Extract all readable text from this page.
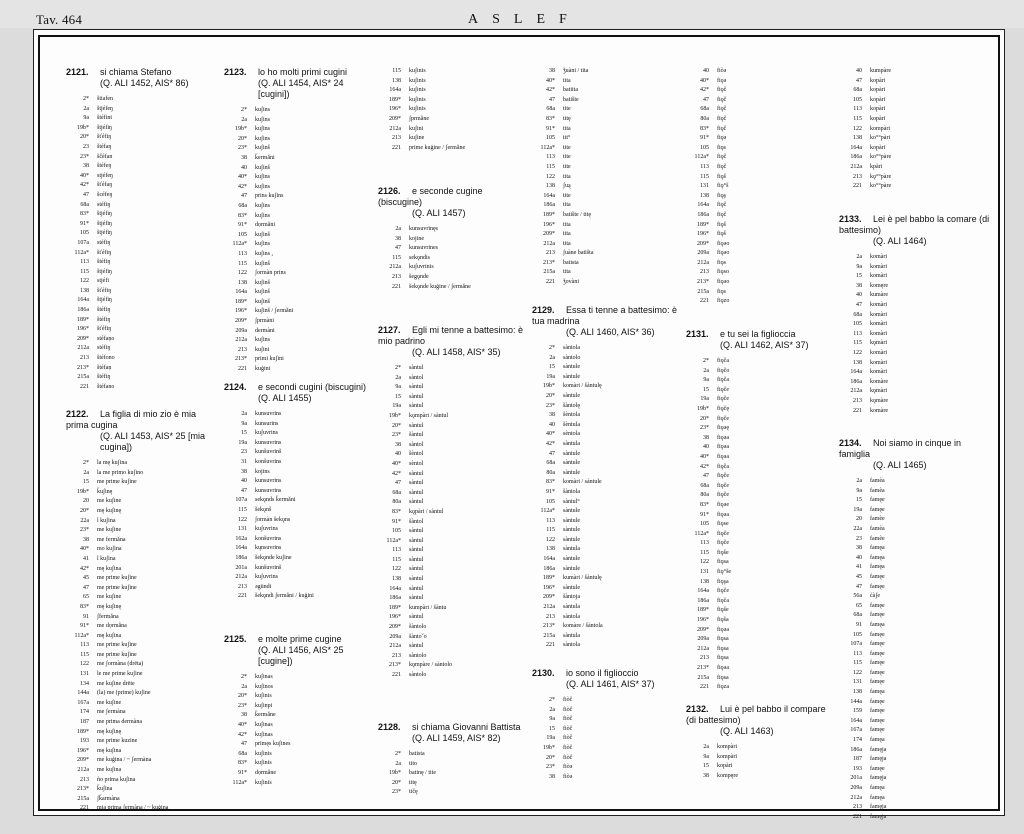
Tav. 464	ASLEF
2121. si chiama Stefano
(Q. ALI 1452, AIS* 86)
2* štiafen
2a štjéfeŋ
9a štéfint
19b* štjéfiŋ
20* šťéfiŋ
23 štéfaŋ
23* ščéfan
38 štéfeŋ
40* stjéfeŋ
42* šťéfaŋ
47 šcéfeŋ
68a stéfiŋ
83* štjéfiŋ
91* štjéfiŋ
105 štjéfiŋ
107a stéfiŋ
112a* šťéfiŋ
113 štéfiŋ
115 štjéfiŋ
122 stjéfi
138 šťéfiŋ
164a štjéfiŋ
186a štéfiŋ
189* štéfiŋ
196* šťéfiŋ
209* stéfaņo
212a stéfiŋ
213 štéfono
213* štéfaņ
215a štéfiŋ
221 štéfano
2122. La figlia di mio zio è mia prima cugina
(Q. ALI 1453, AIS* 25 [mia cugina])
2* la mę kuʃina
2a la me primo kuʃino
15 me prime kuʃine
19b* ǩuʃinę
20 me kuʃine
20* mę kuʃinę
22a l kuʃina
23* me kuʃine
38 me fermăna
40* mo kuʃina
41 l kuʃina
42* mę kuʃina
45 me prime kuʃine
47 me prime kuʃine
65 me kuʃine
83* mę kuʃinę
91 ʃfermăna
91* me dọrmăna
112a* mę kuʃina
113 me prime kuʃine
115 me prime kuʃine
122 me ʃormàna (drēta)
131 le me prime kuʃine
134 me kuʃine drēte
144a (la) me (prime) kuʃine
167a me kuʃine
174 me ʃermàna
187 me prima dermàna
189* mę kuʃinę
193 me prime kuzine
196* mę kuʃina
209* me kuģina / ~ ʃermàna
212a me kuʃina
213 ño prima kuʃina
213* ǩuʃina
215a ʃǩarmàna
221 mja prima ʃermàna / ~ kuģina
2123. lo ho molti primi cugini
(Q. ALI 1454, AIS* 24 [cugini])
2* kuʃins
2a kuʃins
19b* kuʃins
20* kuʃins
23* kuʃinš
38 ǩermăni
40 kuʃinš
40* kuʃins
42* kuʃins
47 prins kuʃins
68a kuʃins
83* kuʃins
91* dọrmăni
105 kuʃinš
112a* kuʃins
113 kuʃins ,
115 kuʃinš
122 ʃormàn prins
138 kuʃinš
164a kuʃinš
189* kuʃinš
196* kuʃinš / ʃermăni
209* ʃprmàni
209a dermàni
212a kuʃins
213 kuʃini
213* primi kuʃini
221 kuģini
2124. e secondi cugini (biscugini)
(Q. ALI 1455)
2a kunsuvrins
9a kunsurins
15 kuʃuvrins
19a kunsuvrins
23 kunšuvrinš
31 konšuvrins
38 kojins
40 kunsuvrins
47 kunsuvrins
107a sekǫnds ǩermăni
115 šekǫnš
122 ʃormàn šekǫns
131 kuʃuvrins
162a konšuvrins
164a kųnsuvrins
186a šekǫnde kuʃine
201a kunšuvrinš
212a kuʃuvrins
213 ǝgūndi
221 šekǫndi ʃermăni / kuģini
2125. e molte prime cugine
(Q. ALI 1456, AIS* 25 [cugine])
2* kuʃinas
2a kuʃinos
20* kuʃinis
23* kuʃinpi
38 ǩermăne
40* kuʃinas
42* kuʃinas
47 primęs kuʃines
68a kuʃinis
83* kuʃinis
91* dọrmăne
112a* kuʃinis
115 kuʃinis
138 kuʃinis
164a kuʃinis
189* kuʃinis
196* kuʃinis
209* ʃprmăne
212a kuʃini
213 kuʃine
221 prime kuģine / ʃermăne
2126. e seconde cugine (biscugine)
(Q. ALI 1457)
2a kunsuvrinęs
38 kojine
47 kunsuvrines
115 sekǫndis
212a kuʃuvrinis
213 šegǫnde
221 šekǫnde kuģine / ʃermăne
2127. Egli mi tenne a battesimo: è mio padrino
(Q. ALI 1458, AIS* 35)
2* sàntul
2a sàntol
9a sàntul
15 sàntul
19a sàntul
19b* kǫmpàri / sàntul
20* sàntul
23* šàntul
38 sàntol
40 šèntol
40* sèntol
42* sàntul
47 sàntul
68a sàntul
80a sàntul
83* kǫpàri / sàntul
91* šàntol
105 sàntul
112a* sàntul
113 sàntul
115 sàntul
122 sàntul
138 sàntul
164a sàntul
186a sàntul
189* kumpàri / šàntu
196* sàntul
209* šàntolo
209a šànto˘o
212a sàntul
213 sàntolo
213* kǫmpàre / sàntolo
221 sàntolo
2128. si chiama Giovanni Battista
(Q. ALI 1459, AIS* 82)
2* batista
2a tito
19b* batinę / tite
20* titę
23* tičę
38 ǯuàni / tita
40* tita
42* batiita
47 batište
68a tite
83* titę
91* tita
105 tit°
112a* tite
113 tite
115 tite
122 tita
138 ʃuą
164a tite
186a tita
189* batište / titę
196* tita
209* tita
212a tita
213 ʃuàne batišta
213* batista
215a tita
221 ǯovàni
2129. Essa ti tenne a battesimo: è tua madrina
(Q. ALI 1460, AIS* 36)
2* sàntola
2a sàntolo
15 sàntule
19a sàntule
19b* komàri / šàntulę
20* sàntule
23* šàntolę
38 šèntola
40 šèntula
40* sèntola
42* sàntula
47 sàntule
68a sàntule
80a sàntule
83* komàri / sàntule
91* šàntola
105 sàntul°
112a* sàntule
113 sàntule
115 sàntule
122 sàntule
138 sàntula
164a sàntule
186a sàntule
189* kumàri / šàntulę
196* sàntule
209* šàntoja
212a sàntula
213 sàntola
213* komàre / šàntola
215a sàntula
221 sàntola
2130. io sono il figlioccio
(Q. ALI 1461, AIS* 37)
2* fiòč
2a fiòč
9a fiòč
15 fiòč
19a fiòč
19b* fiòč
20* fiòč
23* fiòǝ
38 fiòǝ
40 fiòǝ
40* fiǫǝ
42* fiǫč
47 fiǫč
68a fiǫč
80a fiǫč
83* fiǫč
91* fiǫǝ
105 fiǫs
112a* fiǫč
113 fiǫč
115 fiǫš
131 fiǫ°š
138 fiǫş
164a fiǫč
186a fiǫč
189* fiǫš
196* fiǫš
209* fiǫǝo
209a fiǫǝo
212a fiǫs
213 fiǫso
213* fiǫǝo
215a fiǫs
221 fiǫzo
2131. e tu sei la figlioccia
(Q. ALI 1462, AIS* 37)
2* fiǫča
2a fiǫčo
9a fiǫča
15 fiǫče
19a fiǫče
19b* fiǫčę
20* fiǫče
23* fiǫǝę
38 fiǫǝa
40 fiǫǝa
40* fiǫǝa
42* fiǫča
47 fiǫče
68a fiǫče
80a fiǫče
83* fiǫǝe
91* fiǫǝa
105 fiǫse
112a* fiǫče
113 fiǫče
115 fiǫše
122 fiǫsa
131 fiǫ°še
138 fiǫşa
164a fiǫče
186a fiǫča
189* fiǫše
196* fiǫša
209* fiǫǝa
209a fiǫsa
212a fiǫsa
213 fiǫsa
213* fiǫǝa
215a fiǫsa
221 fiǫza
2132. Lui è pel babbo il compare (di battesimo)
(Q. ALI 1463)
2a kompàri
9a kompàri
15 kopàri
38 kompęre
40 kumpàre
47 kopàri
68a kopàri
105 kopàri
113 kopàri
115 kopàri
122 kompàri
138 ko°°pàri
164a kopàri
186a ko°°pàre
212a kpàri
213 kǫ°°pàre
221 ko°°pàre
2133. Lei è pel babbo la comare (di battesimo)
(Q. ALI 1464)
2a komàri
9a komàri
15 komàri
38 komęre
40 kumàre
47 komàri
68a komàri
105 komàri
113 komàri
115 kǫmàri
122 komàri
138 komàri
164a komàri
186a komàre
212a kǫmàri
213 kǫmàre
221 komàre
2134. Noi siamo in cinque in famiglia
(Q. ALI 1465)
2a famèa
9a famèa
15 famęe
19a famęe
20 famèe
22a famèa
23 famèe
38 famęa
40 famęa
41 famęa
45 famęe
47 famęe
56a ćàʃe
65 famęe
68a famęe
91 famęa
105 famęe
107a famęe
113 famęe
115 famęe
122 famęe
131 famęe
138 famęa
144a famęe
159 famęe
164a famęe
167a famęe
174 famęa
186a famęja
187 famęja
193 famęe
201a famęja
209a famęa
212a famęa
213 famęja
221 famęja
